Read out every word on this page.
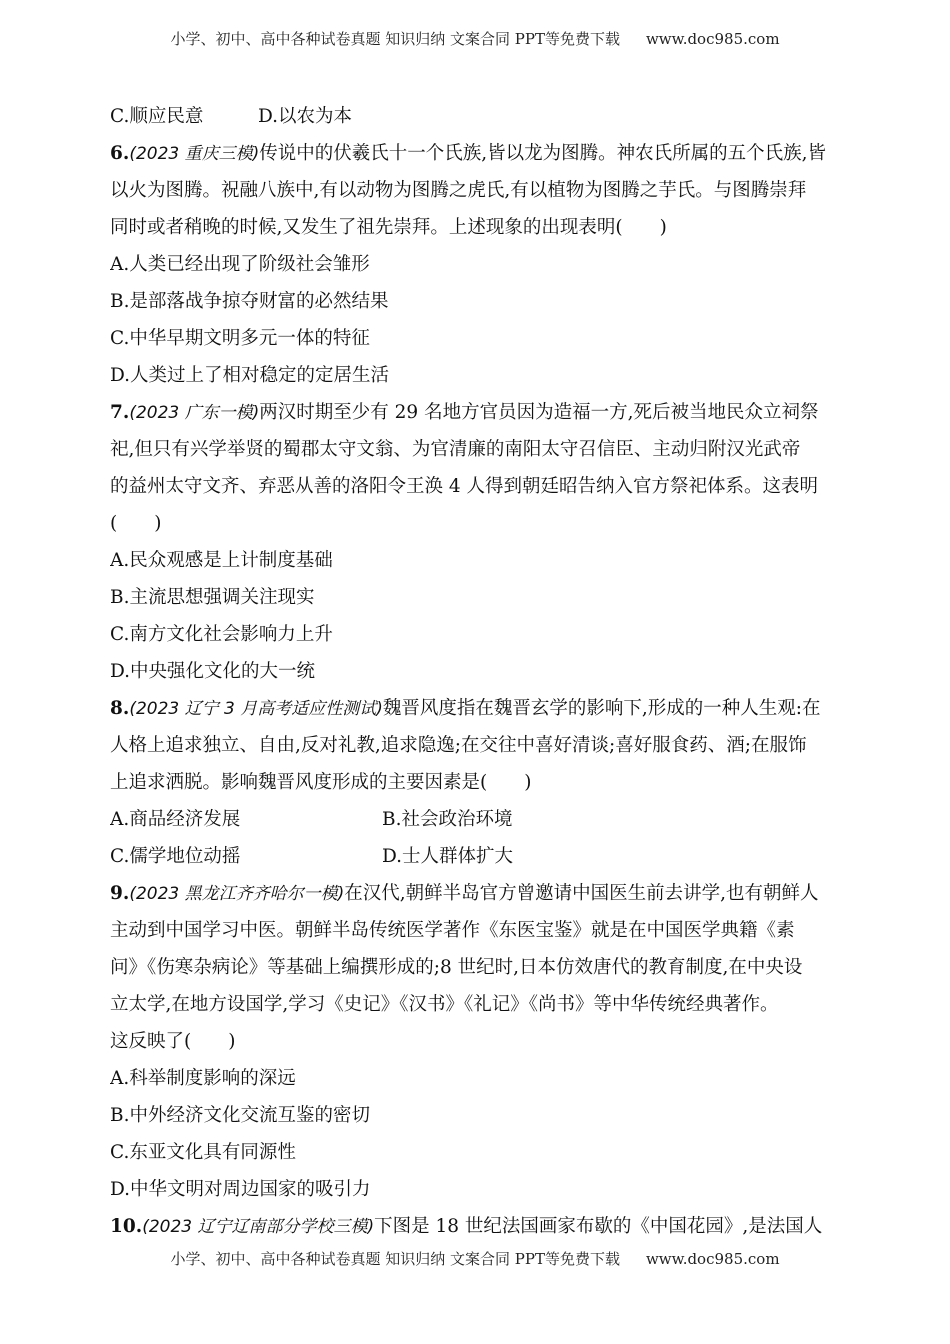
小学、初中、高中各种试卷真题 知识归纳 文案合同 PPT等免费下载 www.doc985.com
C.顺应民意	D.以农为本
6.(2023 重庆三模)传说中的伏羲氏十一个氏族,皆以龙为图腾。神农氏所属的五个氏族,皆
以火为图腾。祝融八族中,有以动物为图腾之虎氏,有以植物为图腾之芋氏。与图腾崇拜
同时或者稍晚的时候,又发生了祖先崇拜。上述现象的出现表明(　　)
A.人类已经出现了阶级社会雏形
B.是部落战争掠夺财富的必然结果
C.中华早期文明多元一体的特征
D.人类过上了相对稳定的定居生活
7.(2023 广东一模)两汉时期至少有 29 名地方官员因为造福一方,死后被当地民众立祠祭
祀,但只有兴学举贤的蜀郡太守文翁、为官清廉的南阳太守召信臣、主动归附汉光武帝
的益州太守文齐、弃恶从善的洛阳令王涣 4 人得到朝廷昭告纳入官方祭祀体系。这表明
(　　)
A.民众观感是上计制度基础
B.主流思想强调关注现实
C.南方文化社会影响力上升
D.中央强化文化的大一统
8.(2023 辽宁 3 月高考适应性测试)魏晋风度指在魏晋玄学的影响下,形成的一种人生观:在
人格上追求独立、自由,反对礼教,追求隐逸;在交往中喜好清谈;喜好服食药、酒;在服饰
上追求洒脱。影响魏晋风度形成的主要因素是(　　)
A.商品经济发展	B.社会政治环境
C.儒学地位动摇	D.士人群体扩大
9.(2023 黑龙江齐齐哈尔一模)在汉代,朝鲜半岛官方曾邀请中国医生前去讲学,也有朝鲜人
主动到中国学习中医。朝鲜半岛传统医学著作《东医宝鉴》就是在中国医学典籍《素
问》《伤寒杂病论》等基础上编撰形成的;8 世纪时,日本仿效唐代的教育制度,在中央设
立太学,在地方设国学,学习《史记》《汉书》《礼记》《尚书》等中华传统经典著作。
这反映了(　　)
A.科举制度影响的深远
B.中外经济文化交流互鉴的密切
C.东亚文化具有同源性
D.中华文明对周边国家的吸引力
10.(2023 辽宁辽南部分学校三模)下图是 18 世纪法国画家布歇的《中国花园》,是法国人
小学、初中、高中各种试卷真题 知识归纳 文案合同 PPT等免费下载 www.doc985.com
